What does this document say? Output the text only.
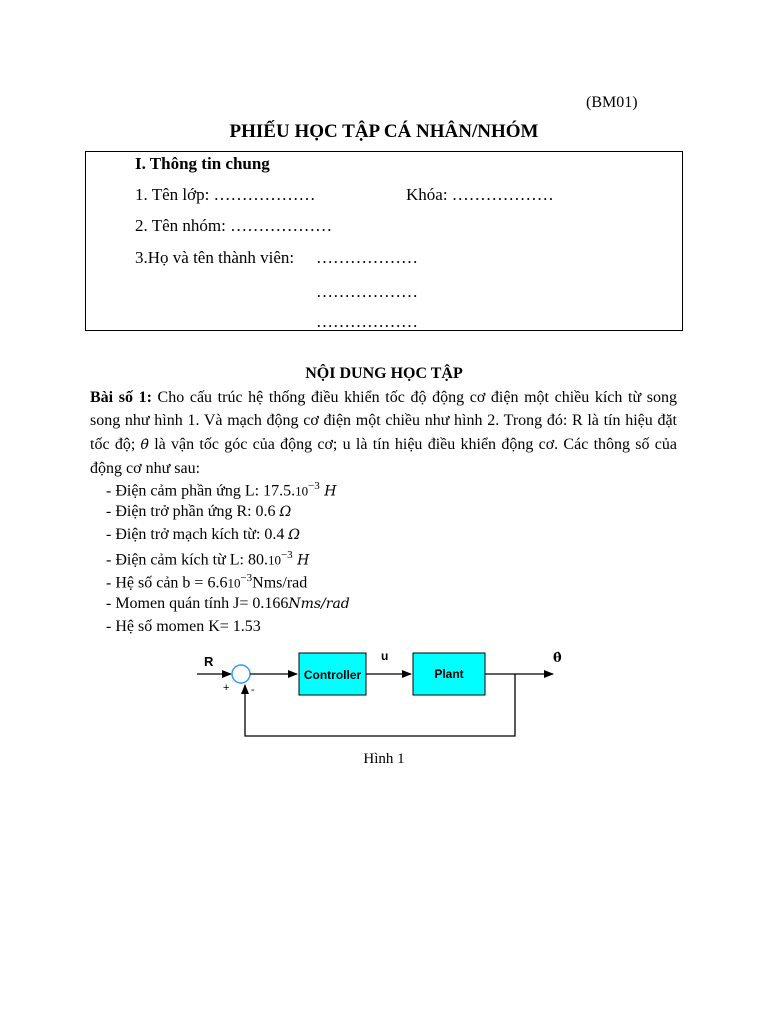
(BM01)
PHIẾU HỌC TẬP CÁ NHÂN/NHÓM
I. Thông tin chung
1. Tên lớp: ………………	Khóa: ………………
2. Tên nhóm: ………………
3.Họ và tên thành viên: ………………
………………
………………
NỘI DUNG HỌC TẬP
Bài số 1: Cho cấu trúc hệ thống điều khiển tốc độ động cơ điện một chiều kích từ song song như hình 1. Và mạch động cơ điện một chiều như hình 2. Trong đó: R là tín hiệu đặt tốc độ; θ̇ là vận tốc góc của động cơ; u là tín hiệu điều khiển động cơ. Các thông số của động cơ như sau:
- Điện cảm phần ứng L: $17.5.10^{-3}$ H
- Điện trở phần ứng R: 0.6 Ω
- Điện trở mạch kích từ: 0.4 Ω
- Điện cảm kích từ L: $80.10^{-3}$ H
- Hệ số cản $b = 6.610^{-3}Nms$/rad
- Momen quán tính J= 0.166Nms/rad
- Hệ số momen K= 1.53
R
+ -
Controller
u
Plant
θ̇
Hình 1
